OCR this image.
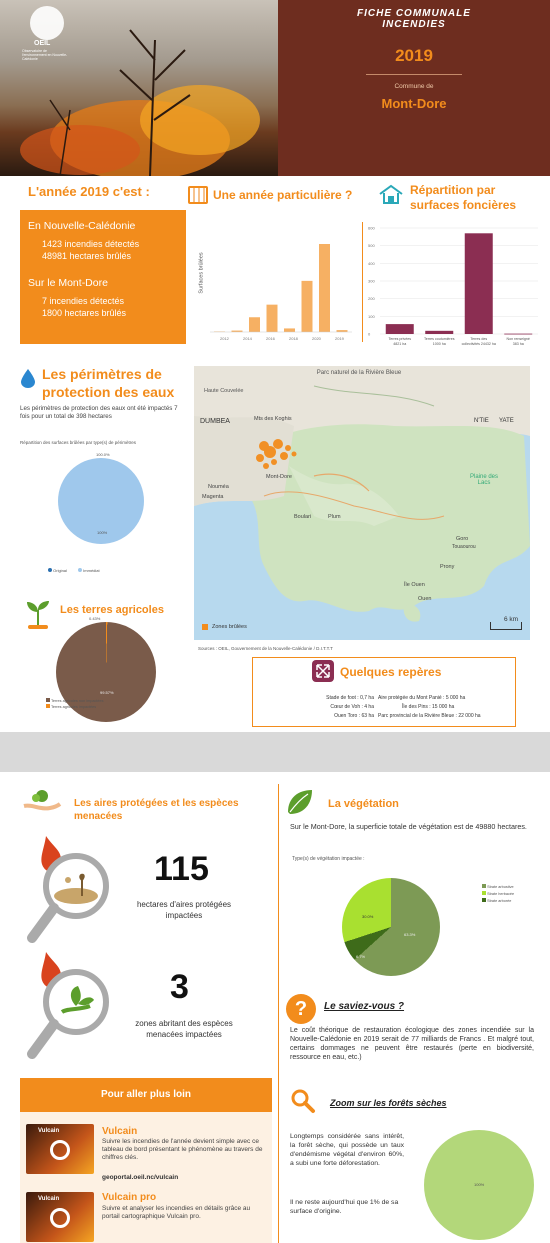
OEIL
Observatoire de l'environnement en Nouvelle-Calédonie
FICHE COMMUNALE
INCENDIES
2019
Commune de
Mont-Dore
L'année 2019 c'est :
En Nouvelle-Calédonie
1423 incendies détectés
48981 hectares brûlés
Sur le Mont-Dore
7 incendies détectés
1800 hectares brûlés
Une année particulière ?
2012	2014	2016	2018	2020	2019
Surfaces brûlées
Répartition par
surfaces foncières
600
500
400
300
200
100
0
Terres privées
4821 ha
Terres coutumières
1000 ha
Terres des
collectivités 24432 ha
Non renseigné
383 ha
Les périmètres de
protection des eaux
Les périmètres de protection des eaux ont été impactés 7 fois pour un total de 398 hectares
Répartition des surfaces brûlées par type(s) de périmètres
100.0%
100%
Original	Immédiat
Les terres agricoles
0.43%
99.57%
Terres agricoles non impactées
Terres agricoles impactées
Parc naturel de la Rivière Bleue
Haute Couvelée
DUMBEA	Mts des Koghis	N'TIE YATE
Plaine des Lacs
Mont-Dore
Nouméa
Magenta
Boulari	Plum
Prony
Goro
Touaourou
Île Ouen
Ouen
Zones brûlées
6 km
Sources : OEIL, Gouvernement de la Nouvelle-Calédonie / D.I.T.T.T
Quelques repères
Stade de foot : 0,7 ha
Cœur de Voh : 4 ha
Ouen Toro : 63 ha
Aire protégée du Mont Panié : 5 000 ha
Île des Pins : 15 000 ha
Parc provincial de la Rivière Bleue : 22 000 ha
Les aires protégées et les espèces
menacées
115
hectares d'aires protégées
impactées
3
zones abritant des espèces
menacées impactées
Pour aller plus loin
Vulcain	Vulcain
Suivre les incendies de l'année devient simple avec ce tableau de bord présentant le phénomène au travers de chiffres clés.
geoportal.oeil.nc/vulcain
Vulcain	Vulcain pro
Suivre et analyser les incendies en détails grâce au portail cartographique Vulcain pro.
La végétation
Sur le Mont-Dore, la superficie totale de végétation est de 49880 hectares.
Type(s) de végétation impactée :
63.3%
30.0%
6.7%
Strate arbustive
Strate herbacée
Strate arborée
?	Le saviez-vous ?
Le coût théorique de restauration écologique des zones incendiée sur la Nouvelle-Calédonie en 2019 serait de 77 milliards de Francs . Et malgré tout, certains dommages ne peuvent être restaurés (perte en biodiversité, ressource en eau, etc.)
Zoom sur les forêts sèches
Longtemps considérée sans intérêt, la forêt sèche, qui possède un taux d'endémisme végétal d'environ 60%, a subi une forte déforestation.
Il ne reste aujourd'hui que 1% de sa surface d'origine.
100%
